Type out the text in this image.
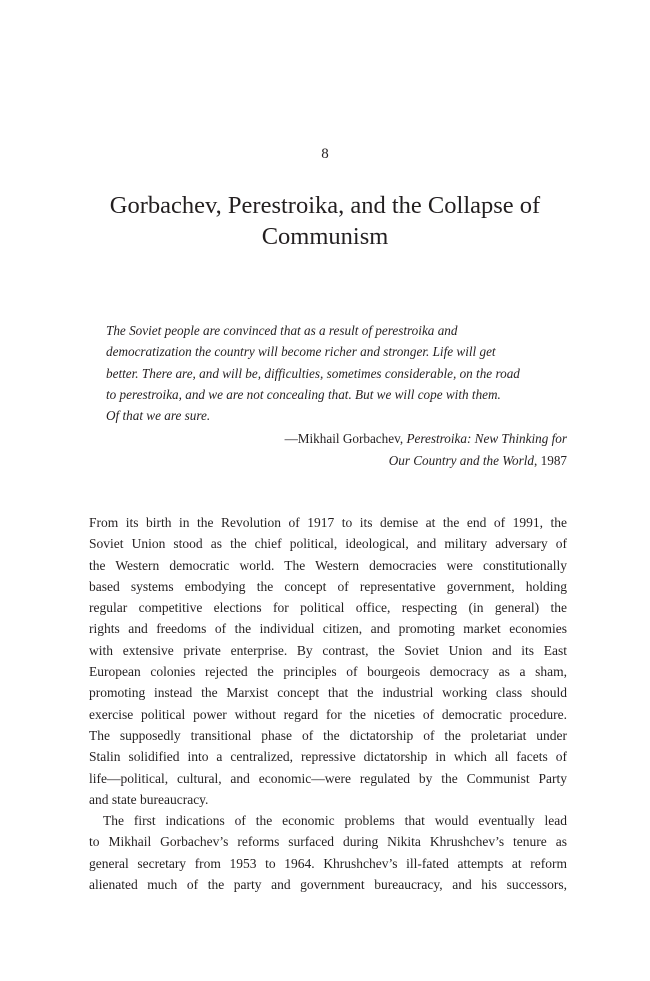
8
Gorbachev, Perestroika, and the Collapse of
Communism
The Soviet people are convinced that as a result of perestroika and
democratization the country will become richer and stronger. Life will get
better. There are, and will be, difficulties, sometimes considerable, on the road
to perestroika, and we are not concealing that. But we will cope with them.
Of that we are sure.
—Mikhail Gorbachev, Perestroika: New Thinking for
Our Country and the World, 1987
From its birth in the Revolution of 1917 to its demise at the end of 1991, the
Soviet Union stood as the chief political, ideological, and military adversary of
the Western democratic world. The Western democracies were constitutionally
based systems embodying the concept of representative government, holding
regular competitive elections for political office, respecting (in general) the
rights and freedoms of the individual citizen, and promoting market economies
with extensive private enterprise. By contrast, the Soviet Union and its East
European colonies rejected the principles of bourgeois democracy as a sham,
promoting instead the Marxist concept that the industrial working class should
exercise political power without regard for the niceties of democratic procedure.
The supposedly transitional phase of the dictatorship of the proletariat under
Stalin solidified into a centralized, repressive dictatorship in which all facets of
life—political, cultural, and economic—were regulated by the Communist Party
and state bureaucracy.
The first indications of the economic problems that would eventually lead
to Mikhail Gorbachev’s reforms surfaced during Nikita Khrushchev’s tenure as
general secretary from 1953 to 1964. Khrushchev’s ill-fated attempts at reform
alienated much of the party and government bureaucracy, and his successors,
